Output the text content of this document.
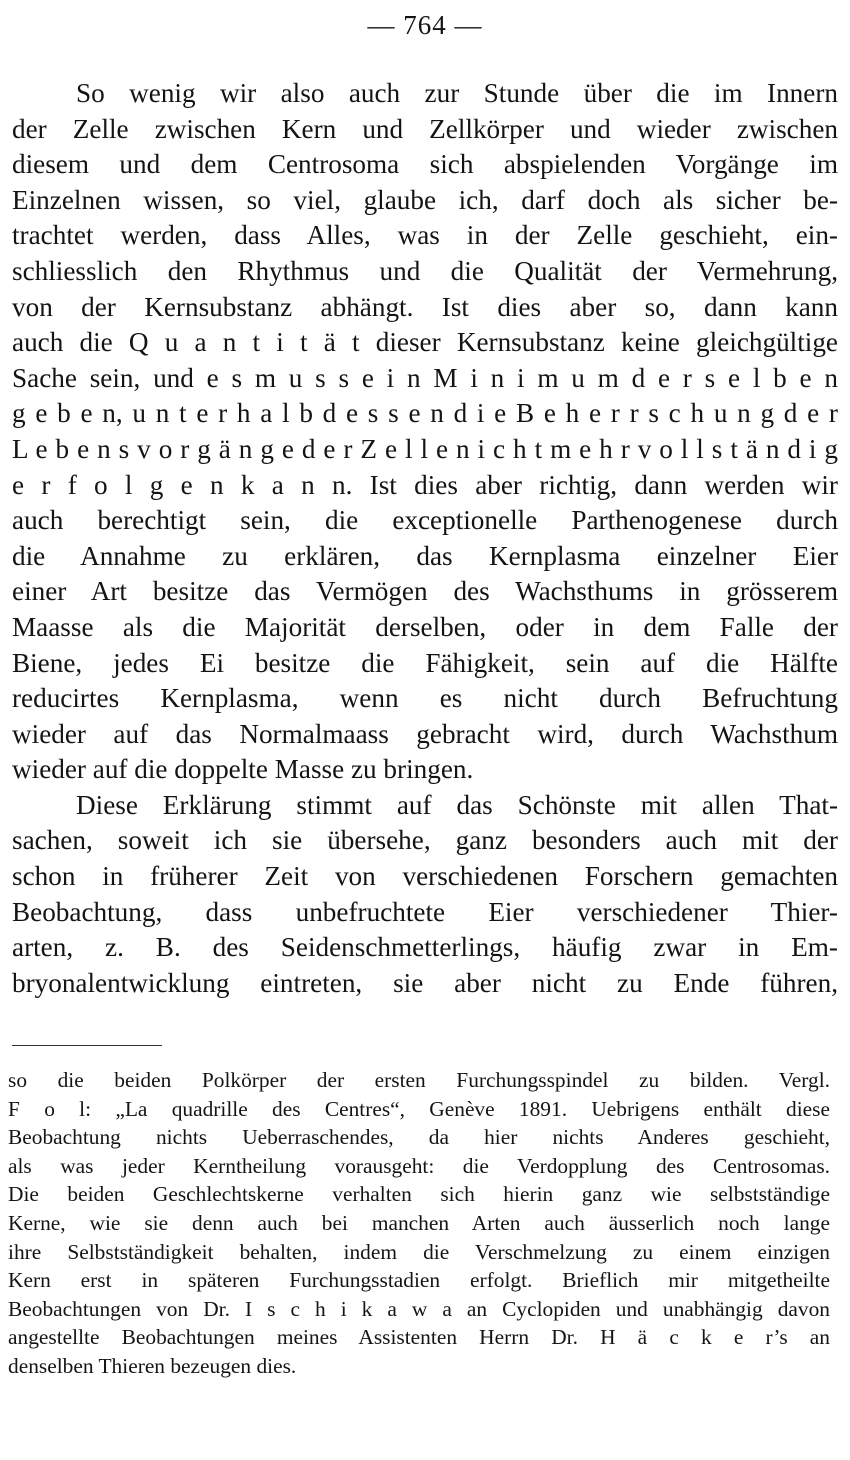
— 764 —
So wenig wir also auch zur Stunde über die im Innern
der Zelle zwischen Kern und Zellkörper und wieder zwischen
diesem und dem Centrosoma sich abspielenden Vorgänge im
Einzelnen wissen, so viel, glaube ich, darf doch als sicher be-
trachtet werden, dass Alles, was in der Zelle geschieht, ein-
schliesslich den Rhythmus und die Qualität der Vermehrung,
von der Kernsubstanz abhängt. Ist dies aber so, dann kann
auch die Q u a n t i t ä t dieser Kernsubstanz keine gleichgültige
Sache sein, und e s m u s s e i n M i n i m u m d e r s e l b e n
g e b e n, u n t e r h a l b d e s s e n d i e B e h e r r s c h u n g d e r
L e b e n s v o r g ä n g e d e r Z e l l e n i c h t m e h r v o l l s t ä n d i g
e r f o l g e n k a n n. Ist dies aber richtig, dann werden wir
auch berechtigt sein, die exceptionelle Parthenogenese durch
die Annahme zu erklären, das Kernplasma einzelner Eier
einer Art besitze das Vermögen des Wachsthums in grösserem
Maasse als die Majorität derselben, oder in dem Falle der
Biene, jedes Ei besitze die Fähigkeit, sein auf die Hälfte
reducirtes Kernplasma, wenn es nicht durch Befruchtung
wieder auf das Normalmaass gebracht wird, durch Wachsthum
wieder auf die doppelte Masse zu bringen.
Diese Erklärung stimmt auf das Schönste mit allen That-
sachen, soweit ich sie übersehe, ganz besonders auch mit der
schon in früherer Zeit von verschiedenen Forschern gemachten
Beobachtung, dass unbefruchtete Eier verschiedener Thier-
arten, z. B. des Seidenschmetterlings, häufig zwar in Em-
bryonalentwicklung eintreten, sie aber nicht zu Ende führen,
so die beiden Polkörper der ersten Furchungsspindel zu bilden. Vergl.
F o l: „La quadrille des Centres“, Genève 1891. Uebrigens enthält diese
Beobachtung nichts Ueberraschendes, da hier nichts Anderes geschieht,
als was jeder Kerntheilung vorausgeht: die Verdopplung des Centrosomas.
Die beiden Geschlechtskerne verhalten sich hierin ganz wie selbstständige
Kerne, wie sie denn auch bei manchen Arten auch äusserlich noch lange
ihre Selbstständigkeit behalten, indem die Verschmelzung zu einem einzigen
Kern erst in späteren Furchungsstadien erfolgt. Brieflich mir mitgetheilte
Beobachtungen von Dr. I s c h i k a w a an Cyclopiden und unabhängig davon
angestellte Beobachtungen meines Assistenten Herrn Dr. H ä c k e r’s an
denselben Thieren bezeugen dies.
